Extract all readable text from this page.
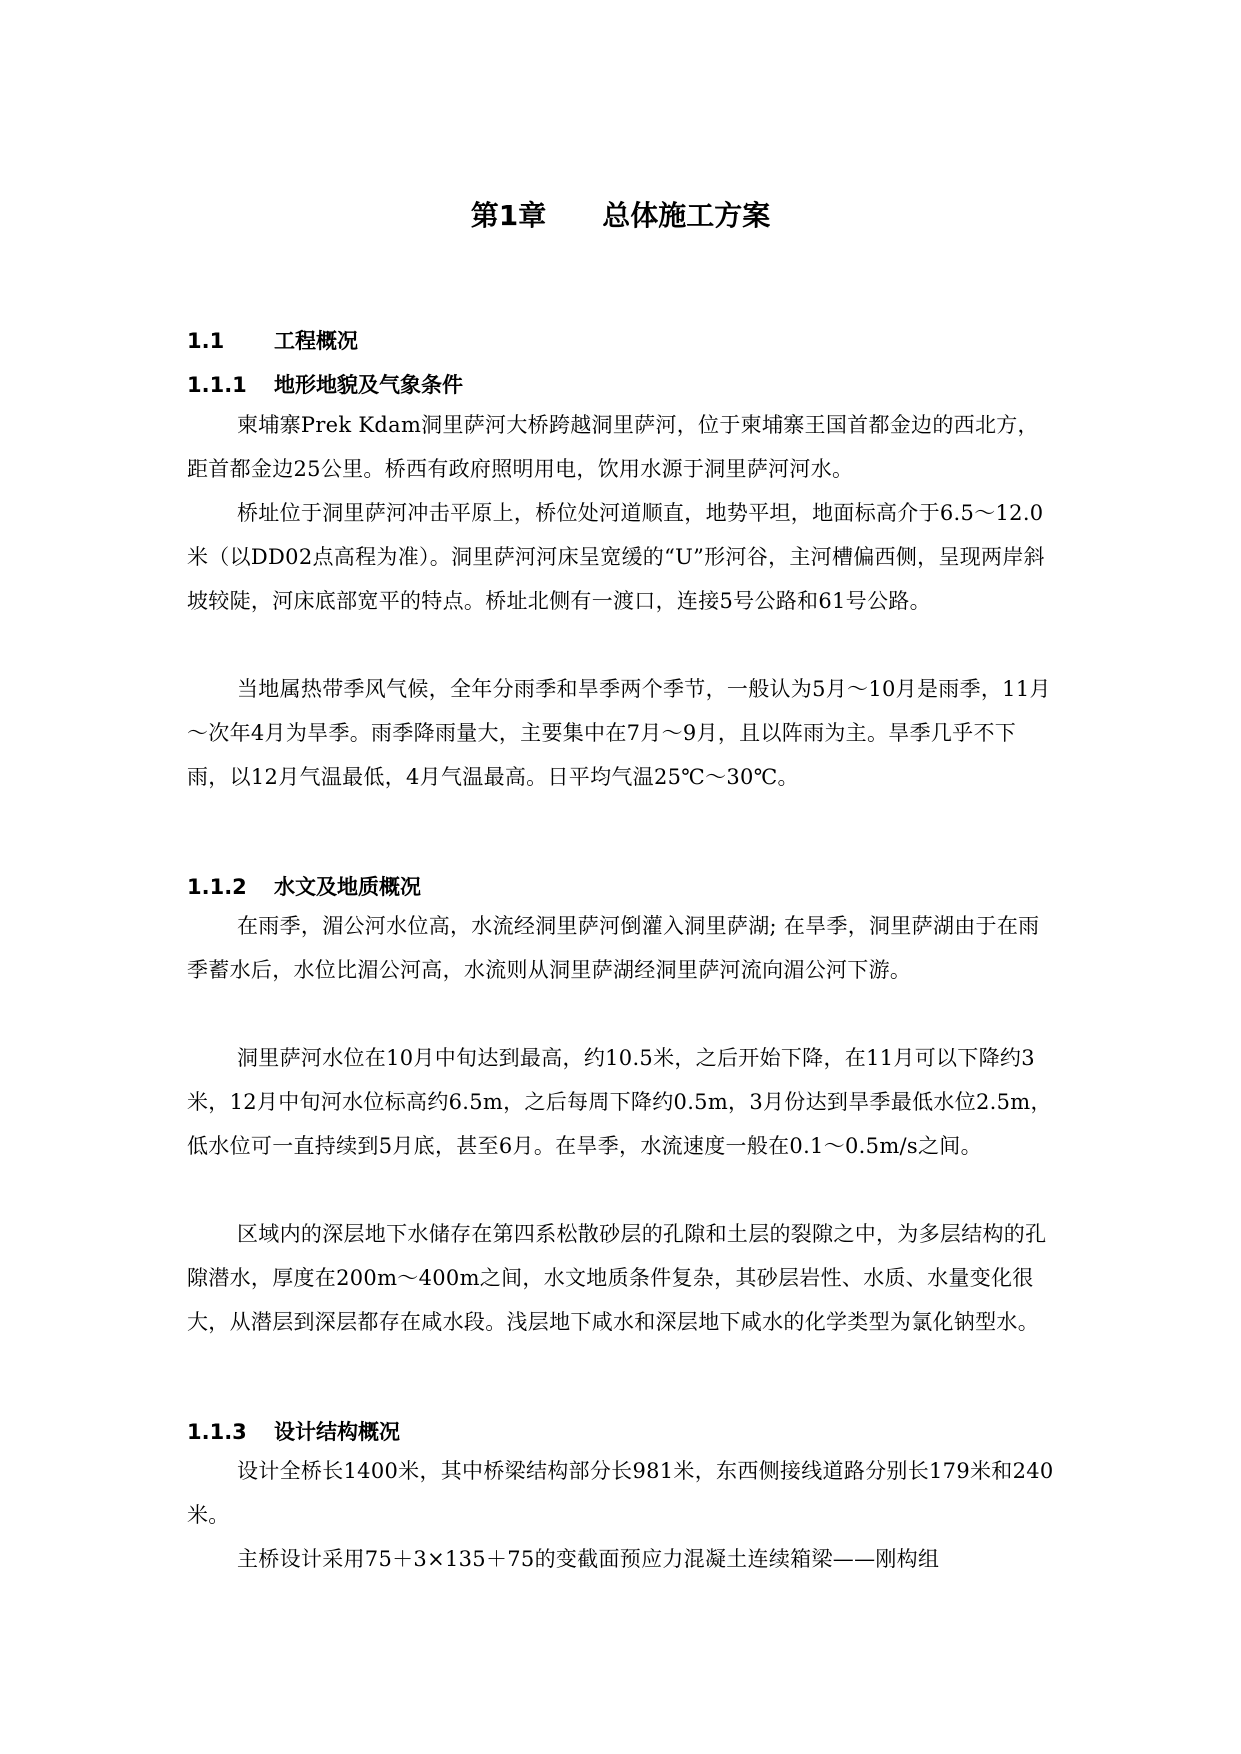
第1章　　总体施工方案
1.1 工程概况
1.1.1 地形地貌及气象条件

柬埔寨Prek Kdam洞里萨河大桥跨越洞里萨河，位于柬埔寨王国首都金边的西北方，距首都金边25公里。桥西有政府照明用电，饮用水源于洞里萨河河水。

桥址位于洞里萨河冲击平原上，桥位处河道顺直，地势平坦，地面标高介于6.5～12.0米（以DD02点高程为准）。洞里萨河河床呈宽缓的“U”形河谷，主河槽偏西侧，呈现两岸斜坡较陡，河床底部宽平的特点。桥址北侧有一渡口，连接5号公路和61号公路。

当地属热带季风气候，全年分雨季和旱季两个季节，一般认为5月～10月是雨季，11月～次年4月为旱季。雨季降雨量大，主要集中在7月～9月，且以阵雨为主。旱季几乎不下雨，以12月气温最低，4月气温最高。日平均气温25℃～30℃。

1.1.2 水文及地质概况

在雨季，湄公河水位高，水流经洞里萨河倒灌入洞里萨湖; 在旱季，洞里萨湖由于在雨季蓄水后，水位比湄公河高，水流则从洞里萨湖经洞里萨河流向湄公河下游。

洞里萨河水位在10月中旬达到最高，约10.5米，之后开始下降，在11月可以下降约3米，12月中旬河水位标高约6.5m，之后每周下降约0.5m，3月份达到旱季最低水位2.5m，低水位可一直持续到5月底，甚至6月。在旱季，水流速度一般在0.1～0.5m/s之间。

区域内的深层地下水储存在第四系松散砂层的孔隙和土层的裂隙之中，为多层结构的孔隙潜水，厚度在200m～400m之间，水文地质条件复杂，其砂层岩性、水质、水量变化很大，从潜层到深层都存在咸水段。浅层地下咸水和深层地下咸水的化学类型为氯化钠型水。

1.1.3 设计结构概况

设计全桥长1400米，其中桥梁结构部分长981米，东西侧接线道路分别长179米和240米。

主桥设计采用75＋3×135＋75的变截面预应力混凝土连续箱梁——刚构组
